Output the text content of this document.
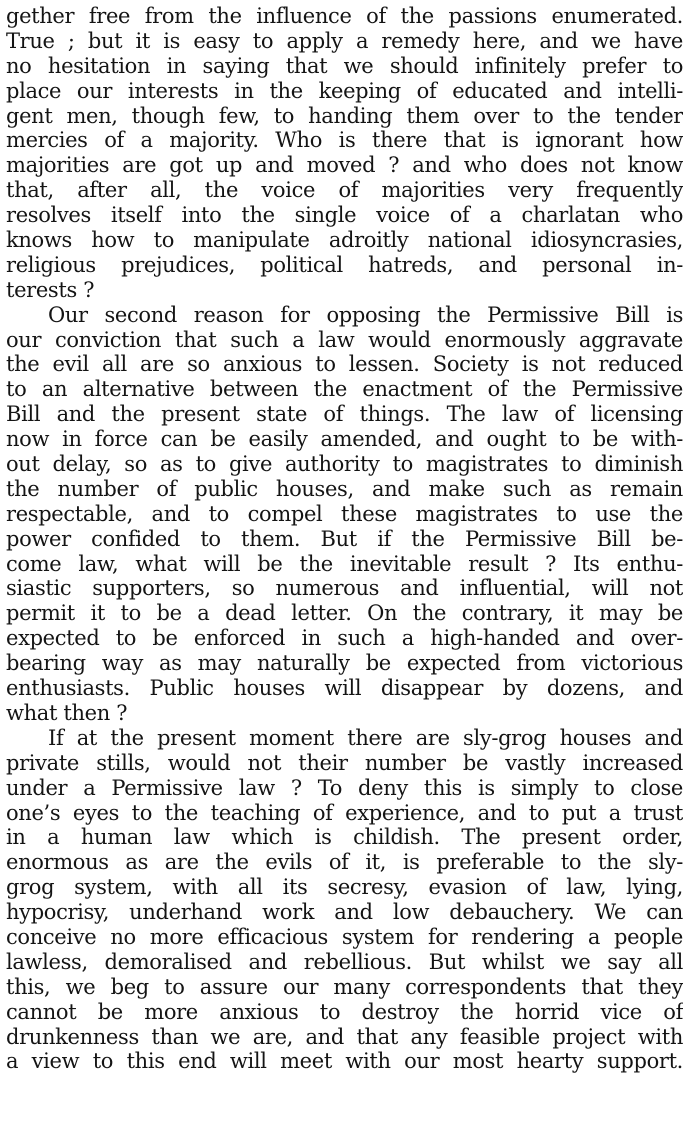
gether free from the influence of the passions enumerated.
True ; but it is easy to apply a remedy here, and we have
no hesitation in saying that we should infinitely prefer to
place our interests in the keeping of educated and intelli-
gent men, though few, to handing them over to the tender
mercies of a majority. Who is there that is ignorant how
majorities are got up and moved ? and who does not know
that, after all, the voice of majorities very frequently
resolves itself into the single voice of a charlatan who
knows how to manipulate adroitly national idiosyncrasies,
religious prejudices, political hatreds, and personal in-
terests ?
Our second reason for opposing the Permissive Bill is
our conviction that such a law would enormously aggravate
the evil all are so anxious to lessen. Society is not reduced
to an alternative between the enactment of the Permissive
Bill and the present state of things. The law of licensing
now in force can be easily amended, and ought to be with-
out delay, so as to give authority to magistrates to diminish
the number of public houses, and make such as remain
respectable, and to compel these magistrates to use the
power confided to them. But if the Permissive Bill be-
come law, what will be the inevitable result ? Its enthu-
siastic supporters, so numerous and influential, will not
permit it to be a dead letter. On the contrary, it may be
expected to be enforced in such a high-handed and over-
bearing way as may naturally be expected from victorious
enthusiasts. Public houses will disappear by dozens, and
what then ?
If at the present moment there are sly-grog houses and
private stills, would not their number be vastly increased
under a Permissive law ? To deny this is simply to close
one’s eyes to the teaching of experience, and to put a trust
in a human law which is childish. The present order,
enormous as are the evils of it, is preferable to the sly-
grog system, with all its secresy, evasion of law, lying,
hypocrisy, underhand work and low debauchery. We can
conceive no more efficacious system for rendering a people
lawless, demoralised and rebellious. But whilst we say all
this, we beg to assure our many correspondents that they
cannot be more anxious to destroy the horrid vice of
drunkenness than we are, and that any feasible project with
a view to this end will meet with our most hearty support.
